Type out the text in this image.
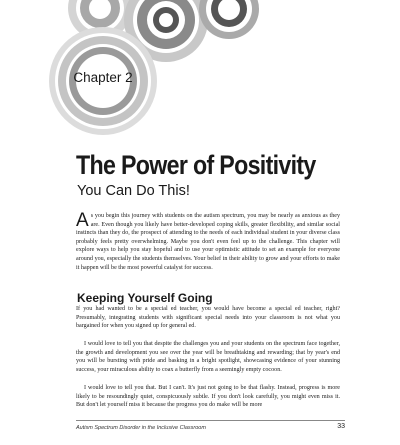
Chapter 2
The Power of Positivity
You Can Do This!

As you begin this journey with students on the autism spectrum, you may be nearly as anxious as they are. Even though you likely have better-developed coping skills, greater flexibility, and similar social instincts than they do, the prospect of attending to the needs of each individual student in your diverse class probably feels pretty overwhelming. Maybe you don't even feel up to the challenge. This chapter will explore ways to help you stay hopeful and to use your optimistic attitude to set an example for everyone around you, especially the students themselves. Your belief in their ability to grow and your efforts to make it happen will be the most powerful catalyst for success.

Keeping Yourself Going

If you had wanted to be a special ed teacher, you would have become a special ed teacher, right? Presumably, integrating students with significant special needs into your classroom is not what you bargained for when you signed up for general ed.

I would love to tell you that despite the challenges you and your students on the spectrum face together, the growth and development you see over the year will be breathtaking and rewarding; that by year's end you will be bursting with pride and basking in a bright spotlight, showcasing evidence of your stunning success, your miraculous ability to coax a butterfly from a seemingly empty cocoon.

I would love to tell you that. But I can't. It's just not going to be that flashy. Instead, progress is more likely to be resoundingly quiet, conspicuously subtle. If you don't look carefully, you might even miss it. But don't let yourself miss it because the progress you do make will be more

Autism Spectrum Disorder in the Inclusive Classroom	33
